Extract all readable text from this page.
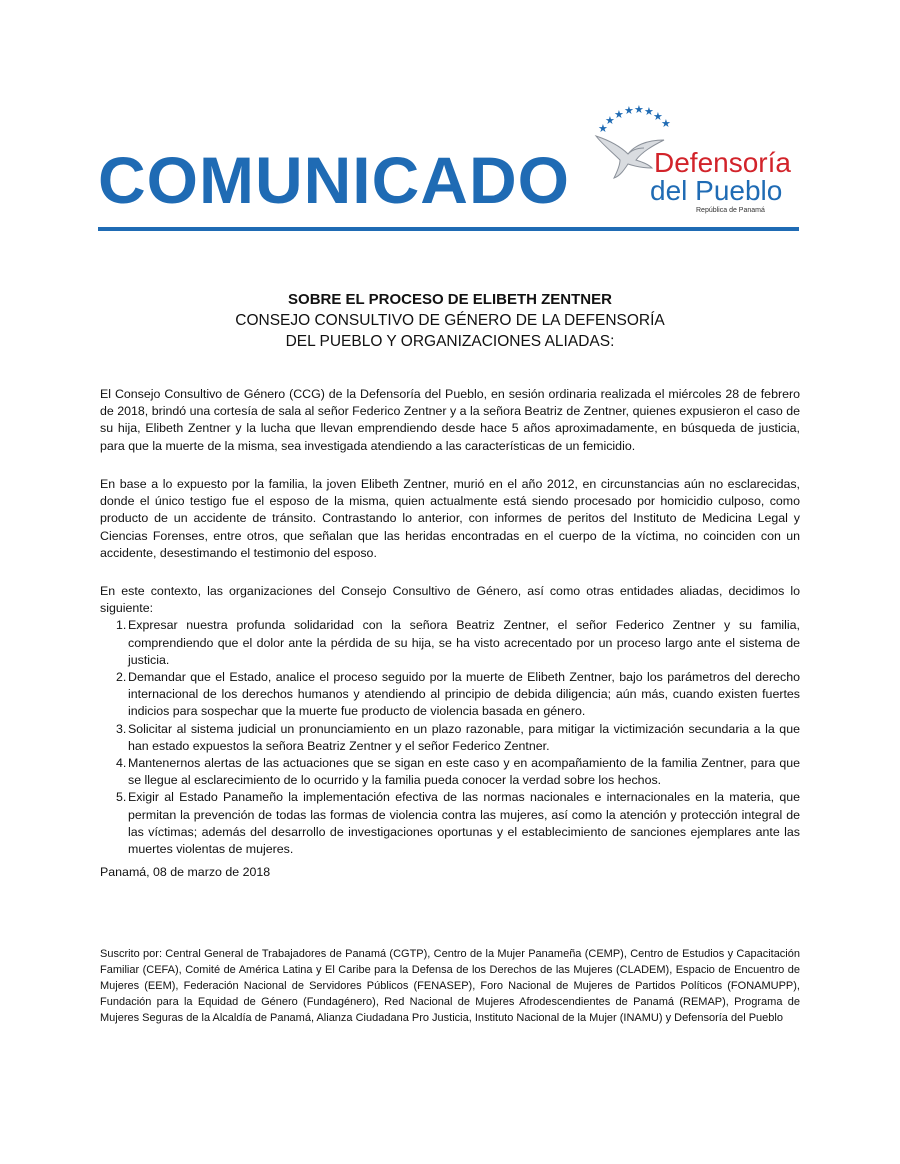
COMUNICADO
★
★ ★ ★ ★ ★ ★
★
Defensoría
del Pueblo
República de Panamá
SOBRE EL PROCESO DE ELIBETH ZENTNER
CONSEJO CONSULTIVO DE GÉNERO DE LA DEFENSORÍA
DEL PUEBLO Y ORGANIZACIONES ALIADAS:

El Consejo Consultivo de Género (CCG) de la Defensoría del Pueblo, en sesión ordinaria realizada el miércoles 28 de febrero de 2018, brindó una cortesía de sala al señor Federico Zentner y a la señora Beatriz de Zentner, quienes expusieron el caso de su hija, Elibeth Zentner y la lucha que llevan emprendiendo desde hace 5 años aproximadamente, en búsqueda de justicia, para que la muerte de la misma, sea investigada atendiendo a las características de un femicidio.

En base a lo expuesto por la familia, la joven Elibeth Zentner, murió en el año 2012, en circunstancias aún no esclarecidas, donde el único testigo fue el esposo de la misma, quien actualmente está siendo procesado por homicidio culposo, como producto de un accidente de tránsito. Contrastando lo anterior, con informes de peritos del Instituto de Medicina Legal y Ciencias Forenses, entre otros, que señalan que las heridas encontradas en el cuerpo de la víctima, no coinciden con un accidente, desestimando el testimonio del esposo.

En este contexto, las organizaciones del Consejo Consultivo de Género, así como otras entidades aliadas, decidimos lo siguiente:

1. Expresar nuestra profunda solidaridad con la señora Beatriz Zentner, el señor Federico Zentner y su familia, comprendiendo que el dolor ante la pérdida de su hija, se ha visto acrecentado por un proceso largo ante el sistema de justicia.
2. Demandar que el Estado, analice el proceso seguido por la muerte de Elibeth Zentner, bajo los parámetros del derecho internacional de los derechos humanos y atendiendo al principio de debida diligencia; aún más, cuando existen fuertes indicios para sospechar que la muerte fue producto de violencia basada en género.
3. Solicitar al sistema judicial un pronunciamiento en un plazo razonable, para mitigar la victimización secundaria a la que han estado expuestos la señora Beatriz Zentner y el señor Federico Zentner.
4. Mantenernos alertas de las actuaciones que se sigan en este caso y en acompañamiento de la familia Zentner, para que se llegue al esclarecimiento de lo ocurrido y la familia pueda conocer la verdad sobre los hechos.
5. Exigir al Estado Panameño la implementación efectiva de las normas nacionales e internacionales en la materia, que permitan la prevención de todas las formas de violencia contra las mujeres, así como la atención y protección integral de las víctimas; además del desarrollo de investigaciones oportunas y el establecimiento de sanciones ejemplares ante las muertes violentas de mujeres.
Panamá, 08 de marzo de 2018
Suscrito por: Central General de Trabajadores de Panamá (CGTP), Centro de la Mujer Panameña (CEMP), Centro de Estudios y Capacitación Familiar (CEFA), Comité de América Latina y El Caribe para la Defensa de los Derechos de las Mujeres (CLADEM), Espacio de Encuentro de Mujeres (EEM), Federación Nacional de Servidores Públicos (FENASEP), Foro Nacional de Mujeres de Partidos Políticos (FONAMUPP), Fundación para la Equidad de Género (Fundagénero), Red Nacional de Mujeres Afrodescendientes de Panamá (REMAP), Programa de Mujeres Seguras de la Alcaldía de Panamá, Alianza Ciudadana Pro Justicia, Instituto Nacional de la Mujer (INAMU) y Defensoría del Pueblo
